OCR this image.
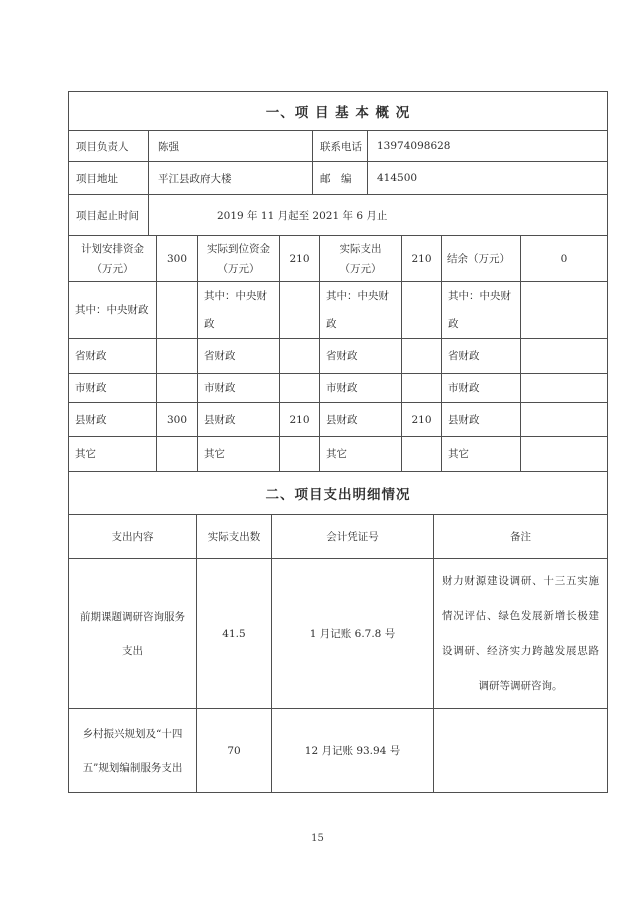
一、项 目 基 本 概 况			
项目负责人	陈强	联系电话	13974098628
项目地址	平江县政府大楼	邮　编	414500
项目起止时间	2019 年 11 月起至 2021 年 6 月止		
计划安排资金（万元）	300	实际到位资金（万元）	210	实际支出（万元）	210	结余（万元）	0
其中：中央财政		其中：中央财政		其中：中央财政		其中：中央财政	
省财政		省财政		省财政		省财政	
市财政		市财政		市财政		市财政	
县财政	300	县财政	210	县财政	210	县财政	
其它		其它		其它		其它	
二、项目支出明细情况			
支出内容	实际支出数	会计凭证号	备注
前期课题调研咨询服务支出	41.5	1 月记账 6.7.8 号	财力财源建设调研、十三五实施情况评估、绿色发展新增长极建设调研、经济实力跨越发展思路调研等调研咨询。
乡村振兴规划及“十四五”规划编制服务支出	70	12 月记账 93.94 号	
15
